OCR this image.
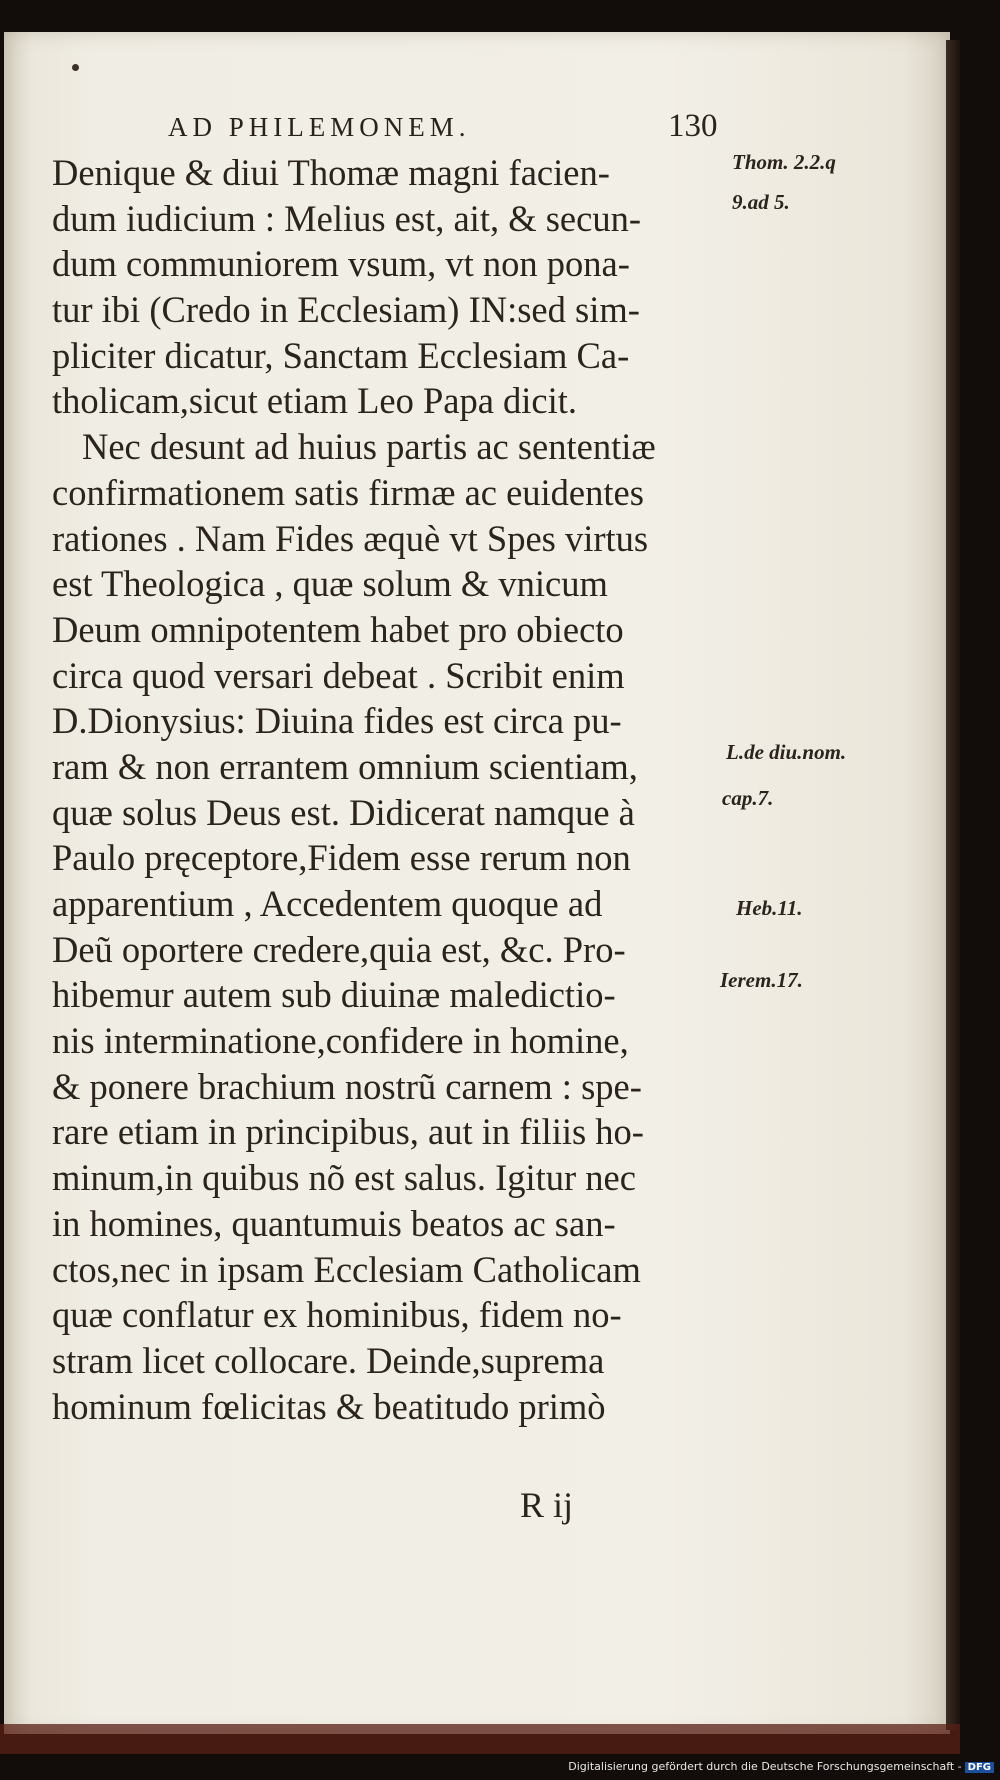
AD PHILEMONEM.	130
Denique & diui Thomæ magni facien-
dum iudicium : Melius est, ait, & secun-
dum communiorem vsum, vt non pona-
tur ibi (Credo in Ecclesiam) IN:sed sim-
pliciter dicatur, Sanctam Ecclesiam Ca-
tholicam,sicut etiam Leo Papa dicit.
Nec desunt ad huius partis ac sententiæ
confirmationem satis firmæ ac euidentes
rationes . Nam Fides æquè vt Spes virtus
est Theologica , quæ solum & vnicum
Deum omnipotentem habet pro obiecto
circa quod versari debeat . Scribit enim
D.Dionysius: Diuina fides est circa pu-
ram & non errantem omnium scientiam,
quæ solus Deus est. Didicerat namque à
Paulo pręceptore,Fidem esse rerum non
apparentium , Accedentem quoque ad
Deũ oportere credere,quia est, &c. Pro-
hibemur autem sub diuinæ maledictio-
nis interminatione,confidere in homine,
& ponere brachium nostrũ carnem : spe-
rare etiam in principibus, aut in filiis ho-
minum,in quibus nõ est salus. Igitur nec
in homines, quantumuis beatos ac san-
ctos,nec in ipsam Ecclesiam Catholicam
quæ conflatur ex hominibus, fidem no-
stram licet collocare. Deinde,suprema
hominum fœlicitas & beatitudo primò
Thom. 2.2.q
9.ad 5.
L.de diu.nom.
cap.7.
Heb.11.
Ierem.17.
R ij
Digitalisierung gefördert durch die Deutsche Forschungsgemeinschaft - DFG
